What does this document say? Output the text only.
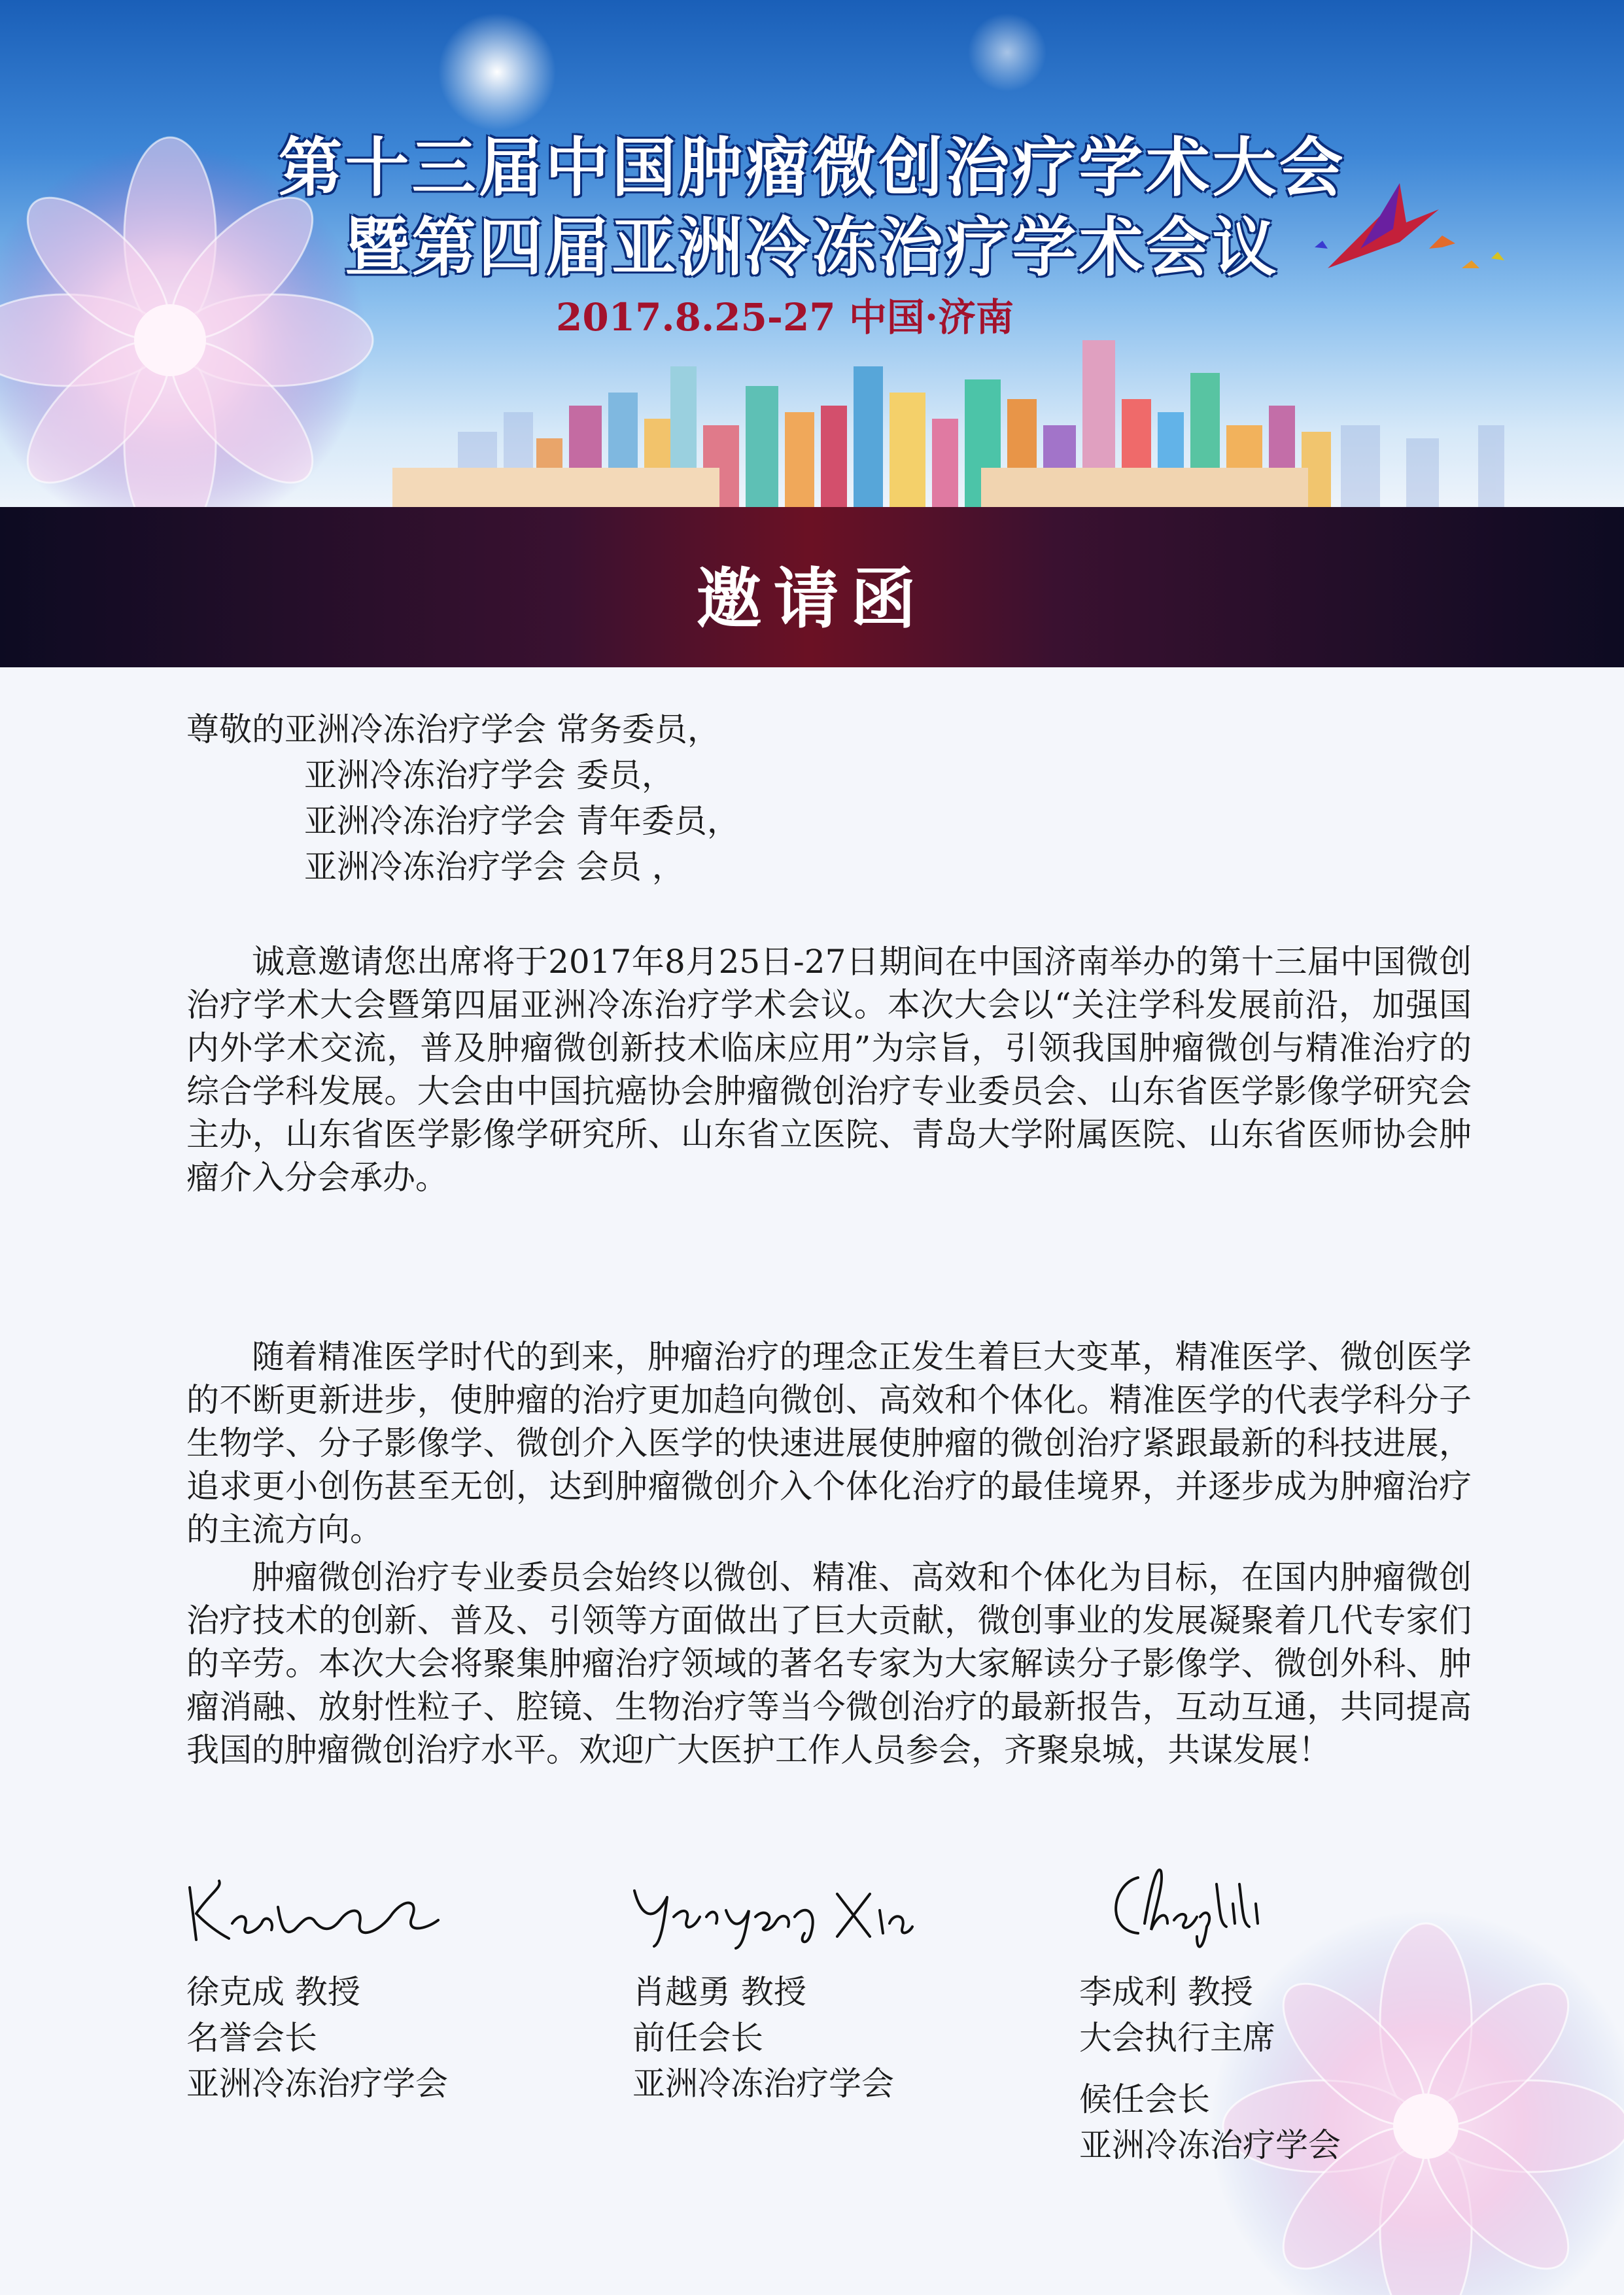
第十三届中国肿瘤微创治疗学术大会
暨第四届亚洲冷冻治疗学术会议
2017.8.25-27 中国·济南
邀请函
尊敬的亚洲冷冻治疗学会 常务委员，
亚洲冷冻治疗学会 委员，
亚洲冷冻治疗学会 青年委员，
亚洲冷冻治疗学会 会员 ，

诚意邀请您出席将于2017年8月25日-27日期间在中国济南举办的第十三届中国微创治疗学术大会暨第四届亚洲冷冻治疗学术会议。本次大会以“关注学科发展前沿，加强国内外学术交流，普及肿瘤微创新技术临床应用”为宗旨，引领我国肿瘤微创与精准治疗的综合学科发展。大会由中国抗癌协会肿瘤微创治疗专业委员会、山东省医学影像学研究会主办，山东省医学影像学研究所、山东省立医院、青岛大学附属医院、山东省医师协会肿瘤介入分会承办。

随着精准医学时代的到来，肿瘤治疗的理念正发生着巨大变革，精准医学、微创医学的不断更新进步，使肿瘤的治疗更加趋向微创、高效和个体化。精准医学的代表学科分子生物学、分子影像学、微创介入医学的快速进展使肿瘤的微创治疗紧跟最新的科技进展，追求更小创伤甚至无创，达到肿瘤微创介入个体化治疗的最佳境界，并逐步成为肿瘤治疗的主流方向。

肿瘤微创治疗专业委员会始终以微创、精准、高效和个体化为目标，在国内肿瘤微创治疗技术的创新、普及、引领等方面做出了巨大贡献，微创事业的发展凝聚着几代专家们的辛劳。本次大会将聚集肿瘤治疗领域的著名专家为大家解读分子影像学、微创外科、肿瘤消融、放射性粒子、腔镜、生物治疗等当今微创治疗的最新报告，互动互通，共同提高我国的肿瘤微创治疗水平。欢迎广大医护工作人员参会，齐聚泉城，共谋发展！

徐克成 教授
名誉会长
亚洲冷冻治疗学会
肖越勇 教授
前任会长
亚洲冷冻治疗学会
李成利 教授
大会执行主席
候任会长
亚洲冷冻治疗学会
